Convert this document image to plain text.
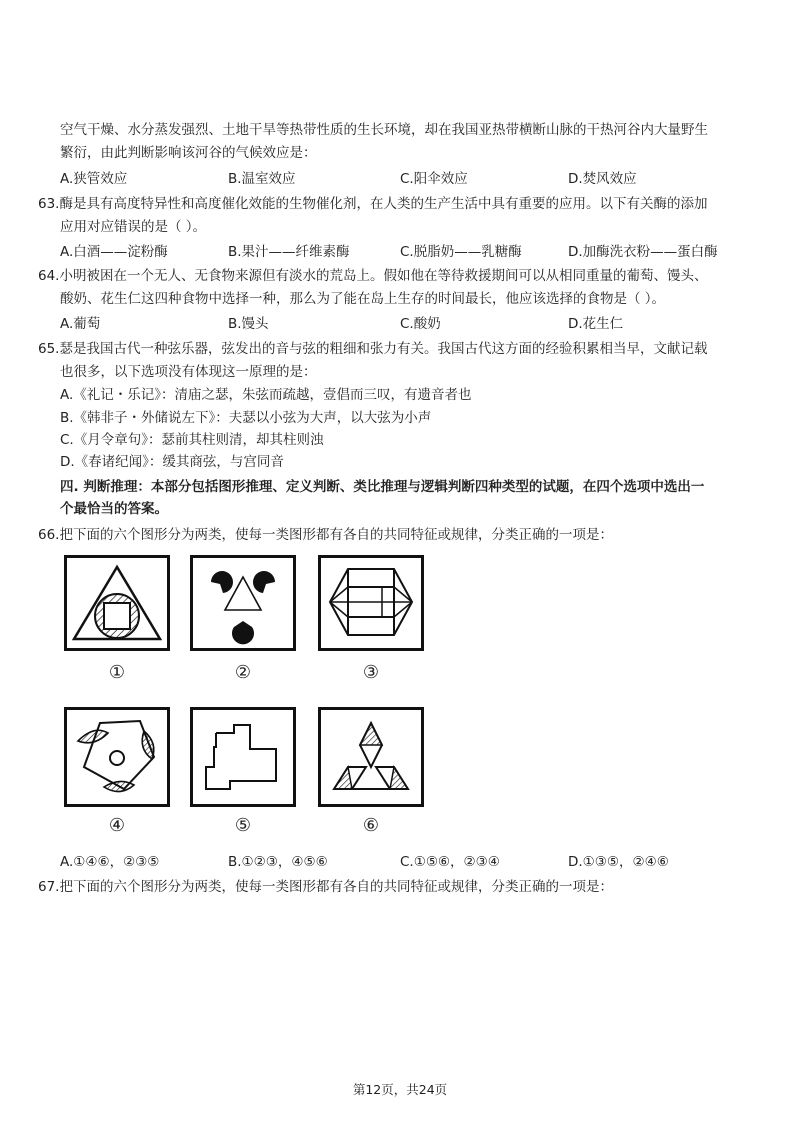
空气干燥、水分蒸发强烈、土地干旱等热带性质的生长环境，却在我国亚热带横断山脉的干热河谷内大量野生
繁衍，由此判断影响该河谷的气候效应是：
A.狭管效应	B.温室效应	C.阳伞效应	D.焚风效应
63.酶是具有高度特异性和高度催化效能的生物催化剂，在人类的生产生活中具有重要的应用。以下有关酶的添加
应用对应错误的是（ ）。
A.白酒——淀粉酶	B.果汁——纤维素酶	C.脱脂奶——乳糖酶	D.加酶洗衣粉——蛋白酶
64.小明被困在一个无人、无食物来源但有淡水的荒岛上。假如他在等待救援期间可以从相同重量的葡萄、馒头、
酸奶、花生仁这四种食物中选择一种，那么为了能在岛上生存的时间最长，他应该选择的食物是（ ）。
A.葡萄	B.馒头	C.酸奶	D.花生仁
65.瑟是我国古代一种弦乐器，弦发出的音与弦的粗细和张力有关。我国古代这方面的经验积累相当早，文献记载
也很多，以下选项没有体现这一原理的是：
A.《礼记・乐记》：清庙之瑟，朱弦而疏越，壹倡而三叹，有遗音者也
B.《韩非子・外储说左下》：夫瑟以小弦为大声，以大弦为小声
C.《月令章句》：瑟前其柱则清，却其柱则浊
D.《春诸纪闻》：缓其商弦，与宫同音
四. 判断推理：本部分包括图形推理、定义判断、类比推理与逻辑判断四种类型的试题，在四个选项中选出一
个最恰当的答案。
66.把下面的六个图形分为两类，使每一类图形都有各自的共同特征或规律，分类正确的一项是：
①	②	③
④	⑤	⑥
A.①④⑥，②③⑤	B.①②③，④⑤⑥	C.①⑤⑥，②③④	D.①③⑤，②④⑥
67.把下面的六个图形分为两类，使每一类图形都有各自的共同特征或规律，分类正确的一项是：
第12页，共24页
